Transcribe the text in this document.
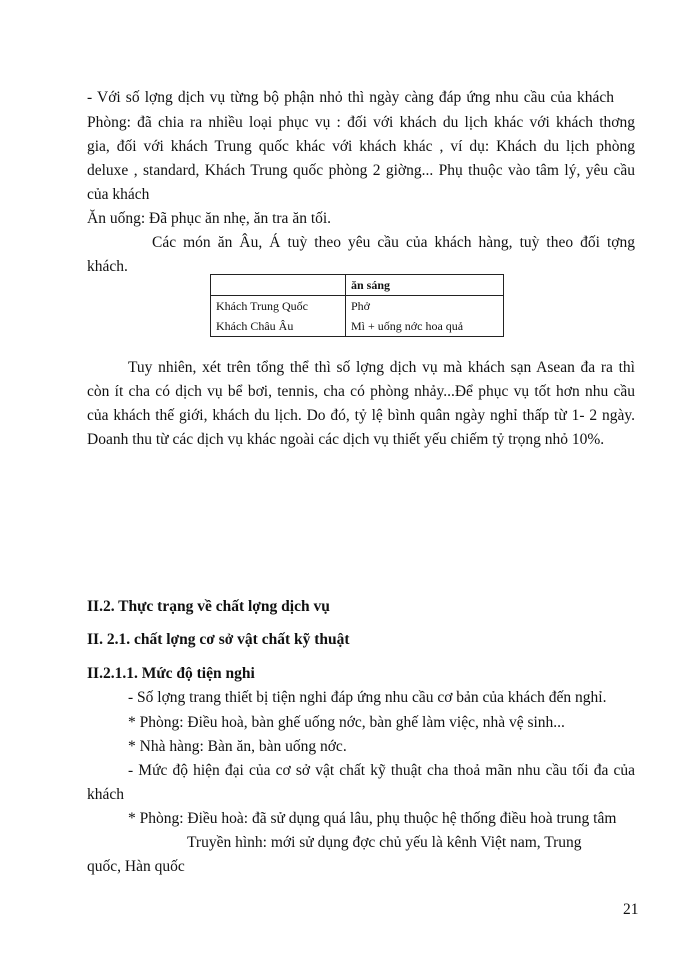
- Với số lợng dịch vụ từng bộ phận nhỏ thì ngày càng đáp ứng nhu cầu của khách
Phòng: đã chia ra nhiều loại phục vụ : đối với khách du lịch khác với khách thơng
gia, đối với khách Trung quốc khác với khách khác , ví dụ: Khách du lịch phòng
deluxe , standard, Khách Trung quốc phòng 2 giờng... Phụ thuộc vào tâm lý, yêu cầu
của khách
Ăn uống: Đã phục ăn nhẹ, ăn tra ăn tối.
Các món ăn Âu, Á tuỳ theo yêu cầu của khách hàng, tuỳ theo đối tợng
khách.
	ăn sáng
Khách Trung Quốc	Phở
Khách Châu Âu	Mì + uống nớc hoa quả
Tuy nhiên, xét trên tổng thể thì số lợng dịch vụ mà khách sạn Asean đa ra thì
còn ít cha có dịch vụ bể bơi, tennis, cha có phòng nhảy...Để phục vụ tốt hơn nhu cầu
của khách thế giới, khách du lịch. Do đó, tỷ lệ bình quân ngày nghỉ thấp từ 1- 2 ngày.
Doanh thu từ các dịch vụ khác ngoài các dịch vụ thiết yếu chiếm tỷ trọng nhỏ 10%.
II.2. Thực trạng về chất lợng dịch vụ
II. 2.1. chất lợng cơ sở vật chất kỹ thuật
II.2.1.1. Mức độ tiện nghi
- Số lợng trang thiết bị tiện nghi đáp ứng nhu cầu cơ bản của khách đến nghỉ.
* Phòng: Điều hoà, bàn ghế uống nớc, bàn ghế làm việc, nhà vệ sinh...
* Nhà hàng: Bàn ăn, bàn uống nớc.
- Mức độ hiện đại của cơ sở vật chất kỹ thuật cha thoả mãn nhu cầu tối đa của
khách
* Phòng: Điều hoà: đã sử dụng quá lâu, phụ thuộc hệ thống điều hoà trung tâm
Truyền hình: mới sử dụng đợc chủ yếu là kênh Việt nam, Trung
quốc, Hàn quốc
21
